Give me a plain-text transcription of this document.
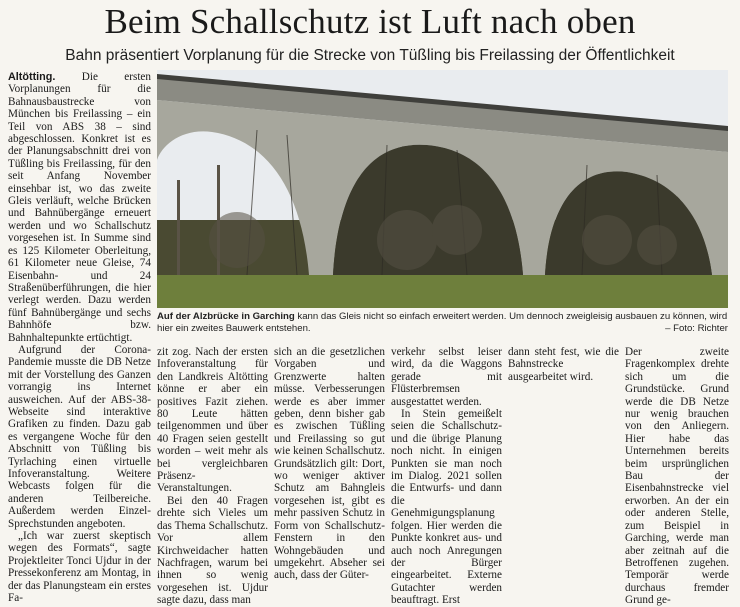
Beim Schallschutz ist Luft nach oben
Bahn präsentiert Vorplanung für die Strecke von Tüßling bis Freilassing der Öffentlichkeit

Altötting. Die ersten Vorplanungen für die Bahnausbaustrecke von München bis Freilassing – ein Teil von ABS 38 – sind abgeschlossen. Konkret ist es der Planungsabschnitt drei von Tüßling bis Freilassing, für den seit Anfang November einsehbar ist, wo das zweite Gleis verläuft, welche Brücken und Bahnübergänge erneuert werden und wo Schallschutz vorgesehen ist. In Summe sind es 125 Kilometer Oberleitung, 61 Kilometer neue Gleise, 74 Eisenbahn- und 24 Straßenüberführungen, die hier verlegt werden. Dazu werden fünf Bahnübergänge und sechs Bahnhöfe bzw. Bahnhaltepunkte ertüchtigt.

Aufgrund der Corona-Pandemie musste die DB Netze mit der Vorstellung des Ganzen vorrangig ins Internet ausweichen. Auf der ABS-38-Webseite sind interaktive Grafiken zu finden. Dazu gab es vergangene Woche für den Abschnitt von Tüßling bis Tyrlaching einen virtuelle Infoveranstaltung. Weitere Webcasts folgen für die anderen Teilbereiche. Außerdem werden Einzel-Sprechstunden angeboten.

„Ich war zuerst skeptisch wegen des Formats“, sagte Projektleiter Tonci Ujdur in der Pressekonferenz am Montag, in der das Planungsteam ein erstes Fa-

Auf der Alzbrücke in Garching kann das Gleis nicht so einfach erweitert werden. Um dennoch zweigleisig ausbauen zu können, wird hier ein zweites Bauwerk entstehen.	– Foto: Richter

zit zog. Nach der ersten Infoveranstaltung für den Landkreis Altötting könne er aber ein positives Fazit ziehen. 80 Leute hätten teilgenommen und über 40 Fragen seien gestellt worden – weit mehr als bei vergleichbaren Präsenz-Veranstaltungen.

Bei den 40 Fragen drehte sich Vieles um das Thema Schallschutz. Vor allem Kirchweidacher hatten Nachfragen, warum bei ihnen so wenig vorgesehen ist. Ujdur sagte dazu, dass man

sich an die gesetzlichen Vorgaben und Grenzwerte halten müsse. Verbesserungen werde es aber immer geben, denn bisher gab es zwischen Tüßling und Freilassing so gut wie keinen Schallschutz. Grundsätzlich gilt: Dort, wo weniger aktiver Schutz am Bahngleis vorgesehen ist, gibt es mehr passiven Schutz in Form von Schallschutz-Fenstern in den Wohngebäuden und umgekehrt. Abseher sei auch, dass der Güter-

verkehr selbst leiser wird, da die Waggons gerade mit Flüsterbremsen ausgestattet werden.

In Stein gemeißelt seien die Schallschutz- und die übrige Planung noch nicht. In einigen Punkten sie man noch im Dialog. 2021 sollen die Entwurfs- und dann die Genehmigungsplanung folgen. Hier werden die Punkte konkret aus- und auch noch Anregungen der Bürger eingearbeitet. Externe Gutachter werden beauftragt. Erst

dann steht fest, wie die Bahnstrecke ausgearbeitet wird.

Der zweite Fragenkomplex drehte sich um die Grundstücke. Grund werde die DB Netze nur wenig brauchen von den Anliegern. Hier habe das Unternehmen bereits beim ursprünglichen Bau der Eisenbahnstrecke viel erworben. An der ein oder anderen Stelle, zum Beispiel in Garching, werde man aber zeitnah auf die Betroffenen zugehen. Temporär werde durchaus fremder Grund ge-
